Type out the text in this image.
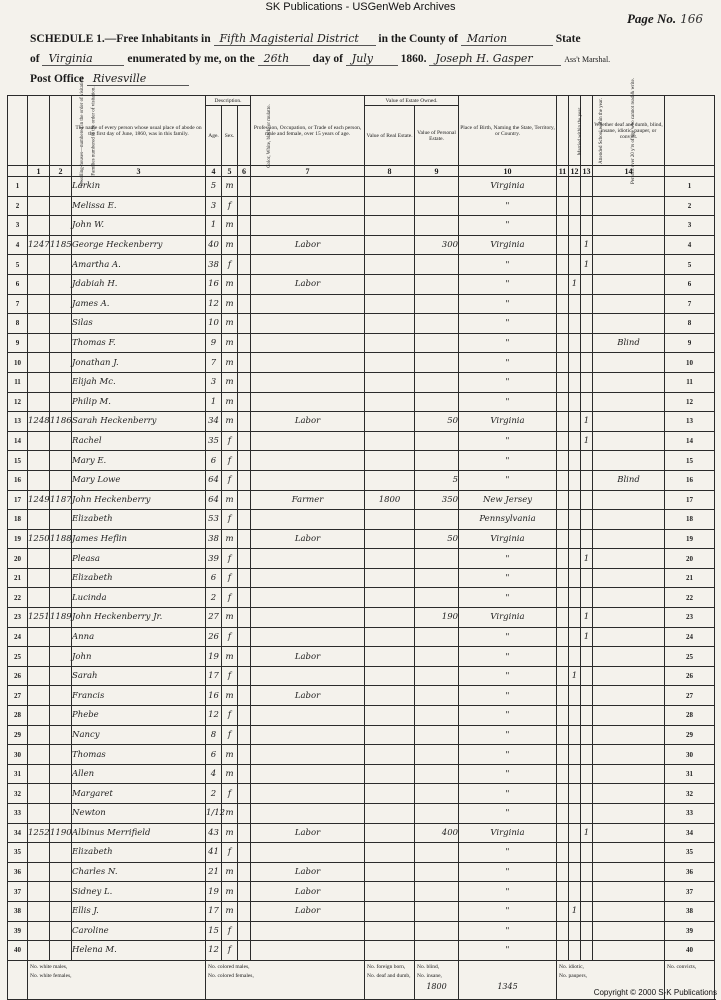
SK Publications - USGenWeb Archives
Page No. 166
SCHEDULE 1.—Free Inhabitants in Fifth Magisterial District in the County of Marion	State
of Virginia	enumerated by me, on the 26th day of July 1860. Joseph H. Gasper	Ass't Marshal.
Post Office Rivesville
	Dwelling-houses—numbered in the order of visitation.	Families numbered in the order of visitation.	The name of every person whose usual place of abode on the first day of June, 1860, was in this family.	Description.			Profession, Occupation, or Trade of each person, male and female, over 15 years of age.	Value of Estate Owned.		Place of Birth, Naming the State, Territory, or Country.	Married within the year.	Attended School within the year.	Persons over 20 y'rs of age who cannot read & write.	Whether deaf and dumb, blind, insane, idiotic, pauper, or convict.	
				Age.	Sex.	Color, White, black, or mulatto.		Value of Real Estate.	Value of Personal Estate.						
	1	2	3	4	5	6	7	8	9	10	11	12	13	14	
1			Larkin	5	m					Virginia					1
2			Melissa E.	3	f					"					2
3			John W.	1	m					"					3
4	1247	1185	George Heckenberry	40	m		Labor		300	Virginia			1		4
5			Amartha A.	38	f					"			1		5
6			Jdabiah H.	16	m		Labor			"		1			6
7			James A.	12	m					"					7
8			Silas	10	m					"					8
9			Thomas F.	9	m					"				Blind	9
10			Jonathan J.	7	m					"					10
11			Elijah Mc.	3	m					"					11
12			Philip M.	1	m					"					12
13	1248	1186	Sarah Heckenberry	34	m		Labor		50	Virginia			1		13
14			Rachel	35	f					"			1		14
15			Mary E.	6	f					"					15
16			Mary Lowe	64	f				5	"				Blind	16
17	1249	1187	John Heckenberry	64	m		Farmer	1800	350	New Jersey					17
18			Elizabeth	53	f					Pennsylvania					18
19	1250	1188	James Heflin	38	m		Labor		50	Virginia					19
20			Pleasa	39	f					"			1		20
21			Elizabeth	6	f					"					21
22			Lucinda	2	f					"					22
23	1251	1189	John Heckenberry Jr.	27	m				190	Virginia			1		23
24			Anna	26	f					"			1		24
25			John	19	m		Labor			"					25
26			Sarah	17	f					"		1			26
27			Francis	16	m		Labor			"					27
28			Phebe	12	f					"					28
29			Nancy	8	f					"					29
30			Thomas	6	m					"					30
31			Allen	4	m					"					31
32			Margaret	2	f					"					32
33			Newton	1/12	m					"					33
34	1252	1190	Albinus Merrifield	43	m		Labor		400	Virginia			1		34
35			Elizabeth	41	f					"					35
36			Charles N.	21	m		Labor			"					36
37			Sidney L.	19	m		Labor			"					37
38			Ellis J.	17	m		Labor			"		1			38
39			Caroline	15	f					"					39
40			Helena M.	12	f					"					40

	No. white males,
No. white females,			No. colored males,
No. colored females,				No. foreign born,
No. deaf and dumb,	No. blind,
No. insane,
1800	1345	No. idiotic,
No. paupers,				No. convicts,
Copyright © 2000 S-K Publications
